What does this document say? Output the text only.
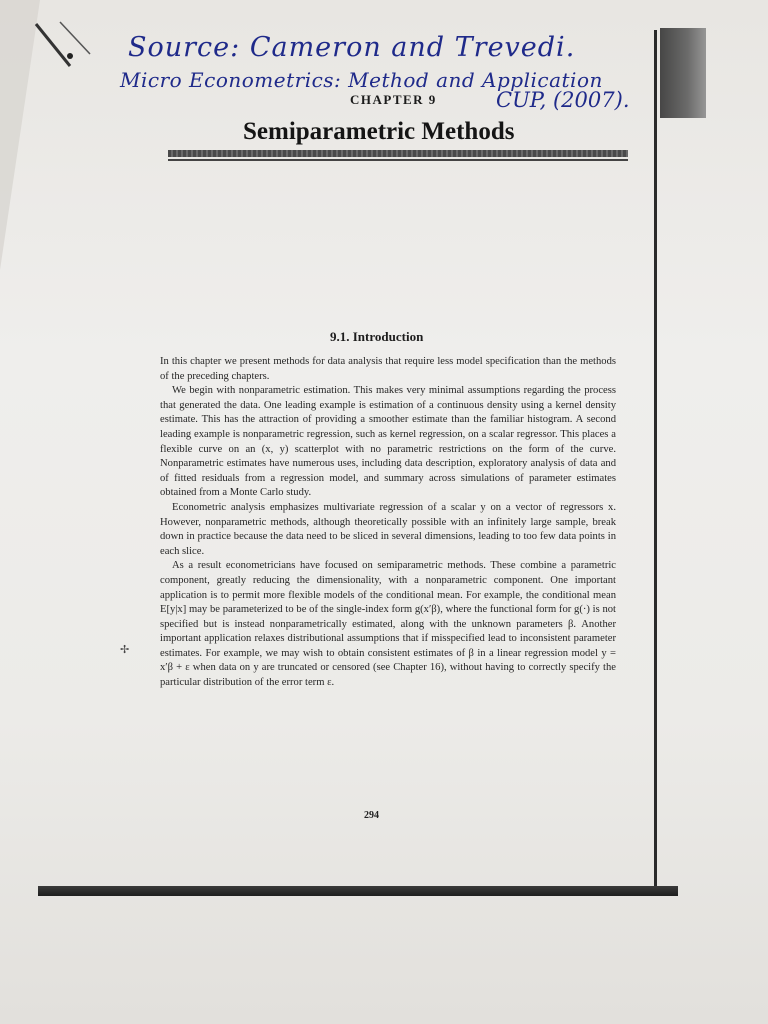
Source: Cameron and Trevedi.
Micro Econometrics: Method and Application
CUP, (2007).
CHAPTER 9
Semiparametric Methods
9.1. Introduction
✢

In this chapter we present methods for data analysis that require less model specification than the methods of the preceding chapters.

We begin with nonparametric estimation. This makes very minimal assumptions regarding the process that generated the data. One leading example is estimation of a continuous density using a kernel density estimate. This has the attraction of providing a smoother estimate than the familiar histogram. A second leading example is nonparametric regression, such as kernel regression, on a scalar regressor. This places a flexible curve on an (x, y) scatterplot with no parametric restrictions on the form of the curve. Nonparametric estimates have numerous uses, including data description, exploratory analysis of data and of fitted residuals from a regression model, and summary across simulations of parameter estimates obtained from a Monte Carlo study.

Econometric analysis emphasizes multivariate regression of a scalar y on a vector of regressors x. However, nonparametric methods, although theoretically possible with an infinitely large sample, break down in practice because the data need to be sliced in several dimensions, leading to too few data points in each slice.

As a result econometricians have focused on semiparametric methods. These combine a parametric component, greatly reducing the dimensionality, with a nonparametric component. One important application is to permit more flexible models of the conditional mean. For example, the conditional mean E[y|x] may be parameterized to be of the single-index form g(x′β), where the functional form for g(·) is not specified but is instead nonparametrically estimated, along with the unknown parameters β. Another important application relaxes distributional assumptions that if misspecified lead to inconsistent parameter estimates. For example, we may wish to obtain consistent estimates of β in a linear regression model y = x′β + ε when data on y are truncated or censored (see Chapter 16), without having to correctly specify the particular distribution of the error term ε.

294
